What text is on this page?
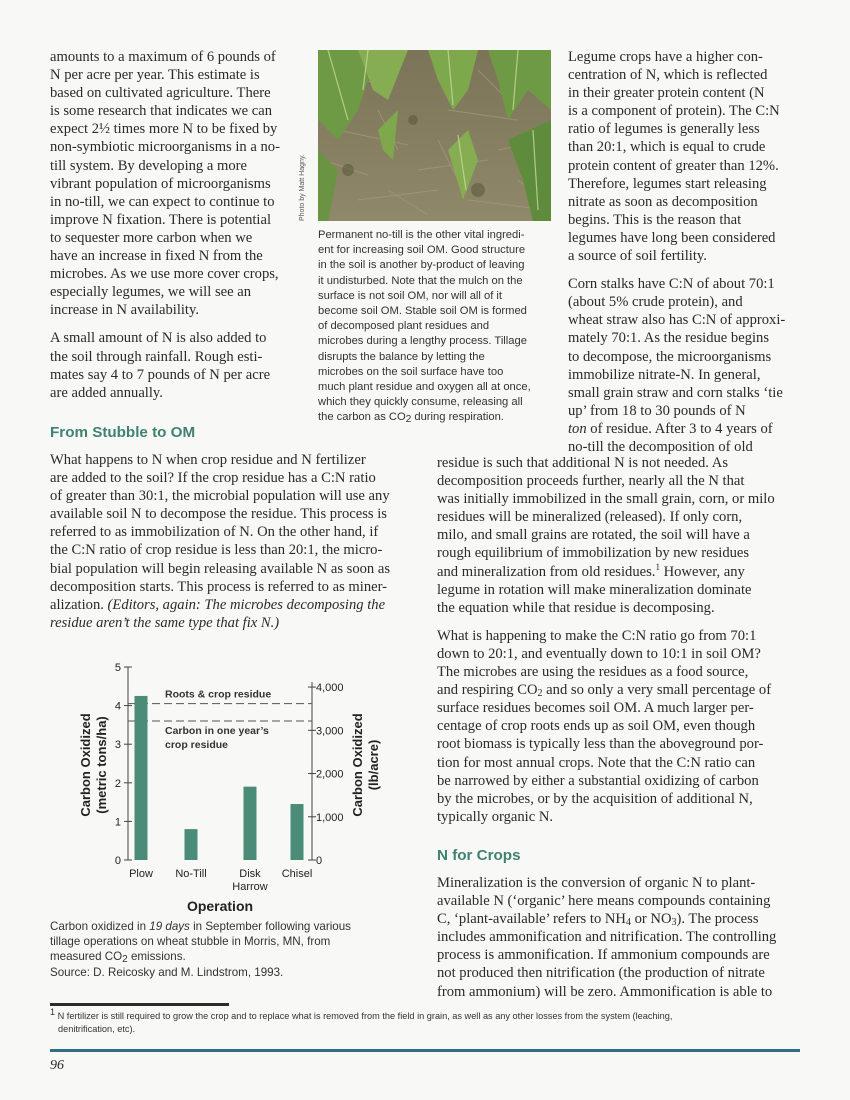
amounts to a maximum of 6 pounds of

N per acre per year. This estimate is

based on cultivated agriculture. There

is some research that indicates we can

expect 2½ times more N to be fixed by

non-symbiotic microorganisms in a no-

till system. By developing a more

vibrant population of microorganisms

in no-till, we can expect to continue to

improve N fixation. There is potential

to sequester more carbon when we

have an increase in fixed N from the

microbes. As we use more cover crops,

especially legumes, we will see an

increase in N availability.

A small amount of N is also added to

the soil through rainfall. Rough esti-

mates say 4 to 7 pounds of N per acre

are added annually.

Photo by Matt Hagny.

Permanent no-till is the other vital ingredi-

ent for increasing soil OM. Good structure

in the soil is another by-product of leaving

it undisturbed. Note that the mulch on the

surface is not soil OM, nor will all of it

become soil OM. Stable soil OM is formed

of decomposed plant residues and

microbes during a lengthy process. Tillage

disrupts the balance by letting the

microbes on the soil surface have too

much plant residue and oxygen all at once,

which they quickly consume, releasing all

the carbon as CO2 during respiration.

Legume crops have a higher con-

centration of N, which is reflected

in their greater protein content (N

is a component of protein). The C:N

ratio of legumes is generally less

than 20:1, which is equal to crude

protein content of greater than 12%.

Therefore, legumes start releasing

nitrate as soon as decomposition

begins. This is the reason that

legumes have long been considered

a source of soil fertility.

Corn stalks have C:N of about 70:1

(about 5% crude protein), and

wheat straw also has C:N of approxi-

mately 70:1. As the residue begins

to decompose, the microorganisms

immobilize nitrate-N. In general,

small grain straw and corn stalks ‘tie

up’ from 18 to 30 pounds of N

ton of residue. After 3 to 4 years of

no-till the decomposition of old

From Stubble to OM

What happens to N when crop residue and N fertilizer

are added to the soil? If the crop residue has a C:N ratio

of greater than 30:1, the microbial population will use any

available soil N to decompose the residue. This process is

referred to as immobilization of N. On the other hand, if

the C:N ratio of crop residue is less than 20:1, the micro-

bial population will begin releasing available N as soon as

decomposition starts. This process is referred to as miner-

alization. (Editors, again: The microbes decomposing the

residue aren’t the same type that fix N.)

residue is such that additional N is not needed. As

decomposition proceeds further, nearly all the N that

was initially immobilized in the small grain, corn, or milo

residues will be mineralized (released). If only corn,

milo, and small grains are rotated, the soil will have a

rough equilibrium of immobilization by new residues

and mineralization from old residues.$^1$ However, any

legume in rotation will make mineralization dominate

the equation while that residue is decomposing.

What is happening to make the C:N ratio go from 70:1

down to 20:1, and eventually down to 10:1 in soil OM?

The microbes are using the residues as a food source,

and respiring $CO_2$ and so only a very small percentage of

surface residues becomes soil OM. A much larger per-

centage of crop roots ends up as soil OM, even though

root biomass is typically less than the aboveground por-

tion for most annual crops. Note that the C:N ratio can

be narrowed by either a substantial oxidizing of carbon

by the microbes, or by the acquisition of additional N,

typically organic N.

N for Crops

Mineralization is the conversion of organic N to plant-

available N (‘organic’ here means compounds containing

C, ‘plant-available’ refers to $NH_4$ or $NO_3$). The process

includes ammonification and nitrification. The controlling

process is ammonification. If ammonium compounds are

not produced then nitrification (the production of nitrate

from ammonium) will be zero. Ammonification is able to

0
1
2
3
4
5
0
1,000
2,000
3,000
4,000
Roots & crop residue
Carbon in one year’s
crop residue
Plow No-Till	Disk
Harrow
Chisel
Operation
Carbon Oxidized (metric tons/ha)	Carbon Oxidized (lb/acre)

Carbon oxidized in 19 days in September following various

tillage operations on wheat stubble in Morris, MN, from

measured CO2 emissions.

Source: D. Reicosky and M. Lindstrom, 1993.

$^1$ N fertilizer is still required to grow the crop and to replace what is removed from the field in grain, as well as any other losses from the system (leaching,

denitrification, etc).

96
